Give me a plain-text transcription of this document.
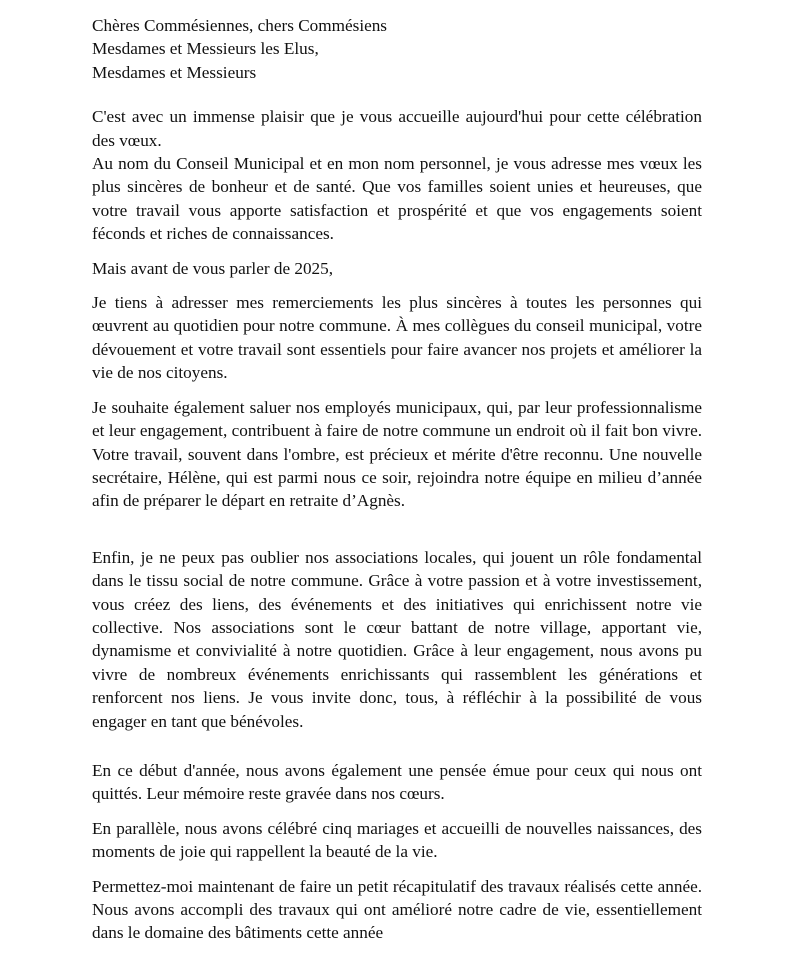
Chères Commésiennes, chers Commésiens

Mesdames et Messieurs les Elus,

Mesdames et Messieurs

C'est avec un immense plaisir que je vous accueille aujourd'hui pour cette célébration des vœux.

Au nom du Conseil Municipal et en mon nom personnel, je vous adresse mes vœux les plus sincères de bonheur et de santé. Que vos familles soient unies et heureuses, que votre travail vous apporte satisfaction et prospérité et que vos engagements soient féconds et riches de connaissances.

Mais avant de vous parler de 2025,

Je tiens à adresser mes remerciements les plus sincères à toutes les personnes qui œuvrent au quotidien pour notre commune. À mes collègues du conseil municipal, votre dévouement et votre travail sont essentiels pour faire avancer nos projets et améliorer la vie de nos citoyens.

Je souhaite également saluer nos employés municipaux, qui, par leur professionnalisme et leur engagement, contribuent à faire de notre commune un endroit où il fait bon vivre. Votre travail, souvent dans l'ombre, est précieux et mérite d'être reconnu. Une nouvelle secrétaire, Hélène, qui est parmi nous ce soir, rejoindra notre équipe en milieu d’année afin de préparer le départ en retraite d’Agnès.

Enfin, je ne peux pas oublier nos associations locales, qui jouent un rôle fondamental dans le tissu social de notre commune. Grâce à votre passion et à votre investissement, vous créez des liens, des événements et des initiatives qui enrichissent notre vie collective. Nos associations sont le cœur battant de notre village, apportant vie, dynamisme et convivialité à notre quotidien. Grâce à leur engagement, nous avons pu vivre de nombreux événements enrichissants qui rassemblent les générations et renforcent nos liens. Je vous invite donc, tous, à réfléchir à la possibilité de vous engager en tant que bénévoles.

En ce début d'année, nous avons également une pensée émue pour ceux qui nous ont quittés. Leur mémoire reste gravée dans nos cœurs.

En parallèle, nous avons célébré cinq mariages et accueilli de nouvelles naissances, des moments de joie qui rappellent la beauté de la vie.

Permettez-moi maintenant de faire un petit récapitulatif des travaux réalisés cette année. Nous avons accompli des travaux qui ont amélioré notre cadre de vie, essentiellement dans le domaine des bâtiments cette année
